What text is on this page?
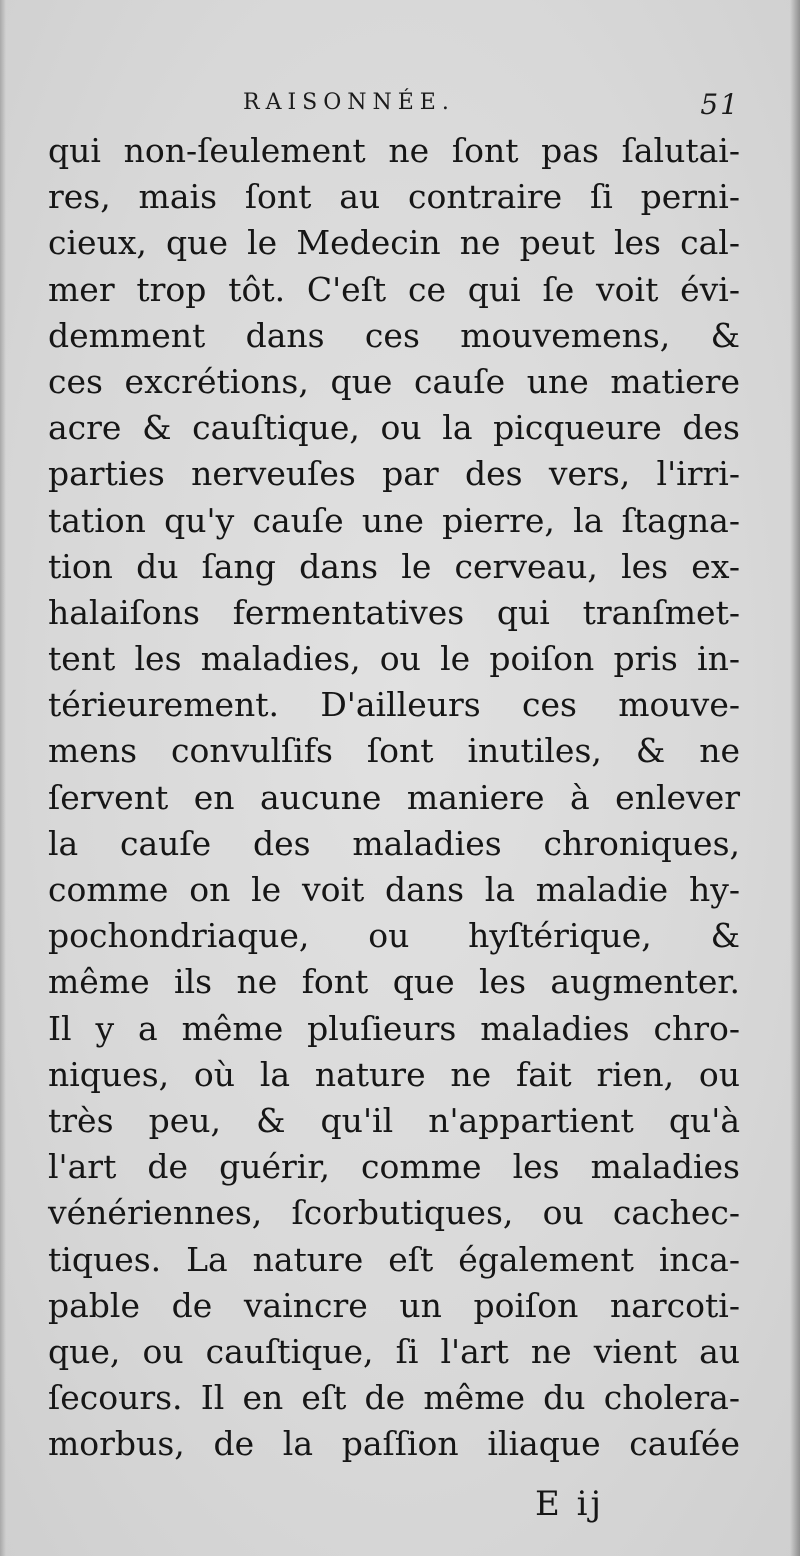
RAISONNÉE.	51
qui non-ſeulement ne ſont pas ſalutai-
res, mais ſont au contraire ſi perni-
cieux, que le Medecin ne peut les cal-
mer trop tôt. C'eſt ce qui ſe voit évi-
demment dans ces mouvemens, &
ces excrétions, que cauſe une matiere
acre & cauſtique, ou la picqueure des
parties nerveuſes par des vers, l'irri-
tation qu'y cauſe une pierre, la ſtagna-
tion du ſang dans le cerveau, les ex-
halaiſons fermentatives qui tranſmet-
tent les maladies, ou le poiſon pris in-
térieurement. D'ailleurs ces mouve-
mens convulſifs ſont inutiles, & ne
ſervent en aucune maniere à enlever
la cauſe des maladies chroniques,
comme on le voit dans la maladie hy-
pochondriaque, ou hyſtérique, &
même ils ne font que les augmenter.
Il y a même pluſieurs maladies chro-
niques, où la nature ne fait rien, ou
très peu, & qu'il n'appartient qu'à
l'art de guérir, comme les maladies
vénériennes, ſcorbutiques, ou cachec-
tiques. La nature eſt également inca-
pable de vaincre un poiſon narcoti-
que, ou cauſtique, ſi l'art ne vient au
ſecours. Il en eſt de même du cholera-
morbus, de la paſſion iliaque cauſée
E ij
